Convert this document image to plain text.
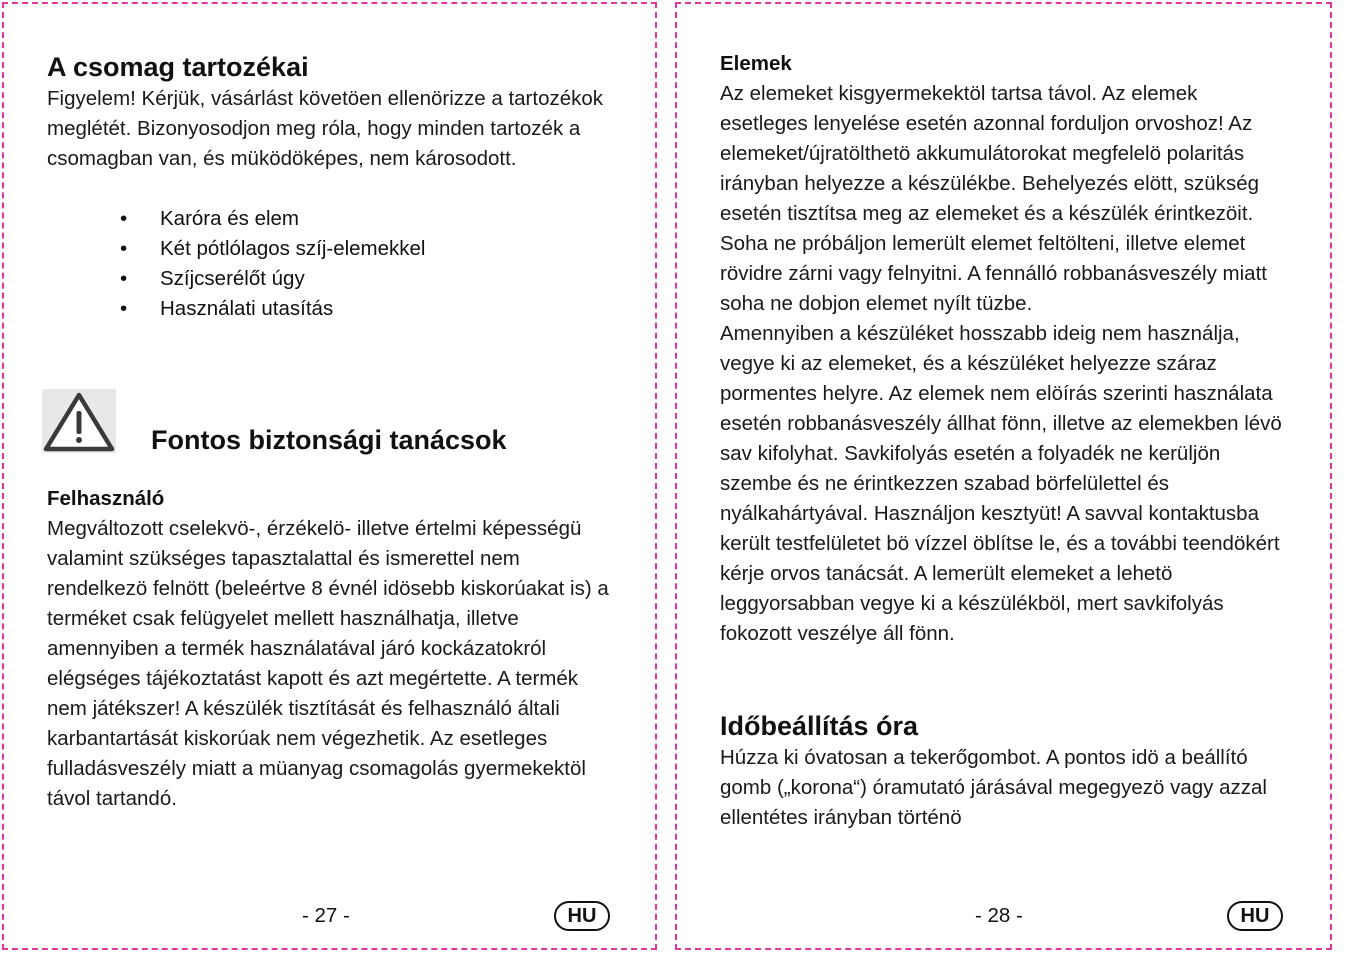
A csomag tartozékai

Figyelem! Kérjük, vásárlást követöen ellenörizze a tartozékok meglétét. Bizonyosodjon meg róla, hogy minden tartozék a csomagban van, és müködöképes, nem károsodott.

• Karóra és elem
• Két pótlólagos szíj-elemekkel
• Szíjcserélőt úgy
• Használati utasítás
Fontos biztonsági tanácsok
Felhasználó

Megváltozott cselekvö-, érzékelö- illetve értelmi képességü valamint szükséges tapasztalattal és ismerettel nem rendelkezö felnött (beleértve 8 évnél idösebb kiskorúakat is) a terméket csak felügyelet mellett használhatja, illetve amennyiben a termék használatával járó kockázatokról elégséges tájékoztatást kapott és azt megértette. A termék nem játékszer! A készülék tisztítását és felhasználó általi karbantartását kiskorúak nem végezhetik. Az esetleges fulladásveszély miatt a müanyag csomagolás gyermekektöl távol tartandó.

- 27 -	HU
Elemek

Az elemeket kisgyermekektöl tartsa távol. Az elemek esetleges lenyelése esetén azonnal forduljon orvoshoz! Az elemeket/újratölthetö akkumulátorokat megfelelö polaritás irányban helyezze a készülékbe. Behelyezés elött, szükség esetén tisztítsa meg az elemeket és a készülék érintkezöit. Soha ne próbáljon lemerült elemet feltölteni, illetve elemet rövidre zárni vagy felnyitni. A fennálló robbanásveszély miatt soha ne dobjon elemet nyílt tüzbe.

Amennyiben a készüléket hosszabb ideig nem használja, vegye ki az elemeket, és a készüléket helyezze száraz pormentes helyre. Az elemek nem elöírás szerinti használata esetén robbanásveszély állhat fönn, illetve az elemekben lévö sav kifolyhat. Savkifolyás esetén a folyadék ne kerüljön szembe és ne érintkezzen szabad börfelülettel és nyálkahártyával. Használjon kesztyüt! A savval kontaktusba került testfelületet bö vízzel öblítse le, és a további teendökért kérje orvos tanácsát. A lemerült elemeket a lehetö leggyorsabban vegye ki a készülékböl, mert savkifolyás fokozott veszélye áll fönn.

Időbeállítás óra

Húzza ki óvatosan a tekerőgombot. A pontos idö a beállító gomb („korona“) óramutató járásával megegyezö vagy azzal ellentétes irányban történö

- 28 -	HU
